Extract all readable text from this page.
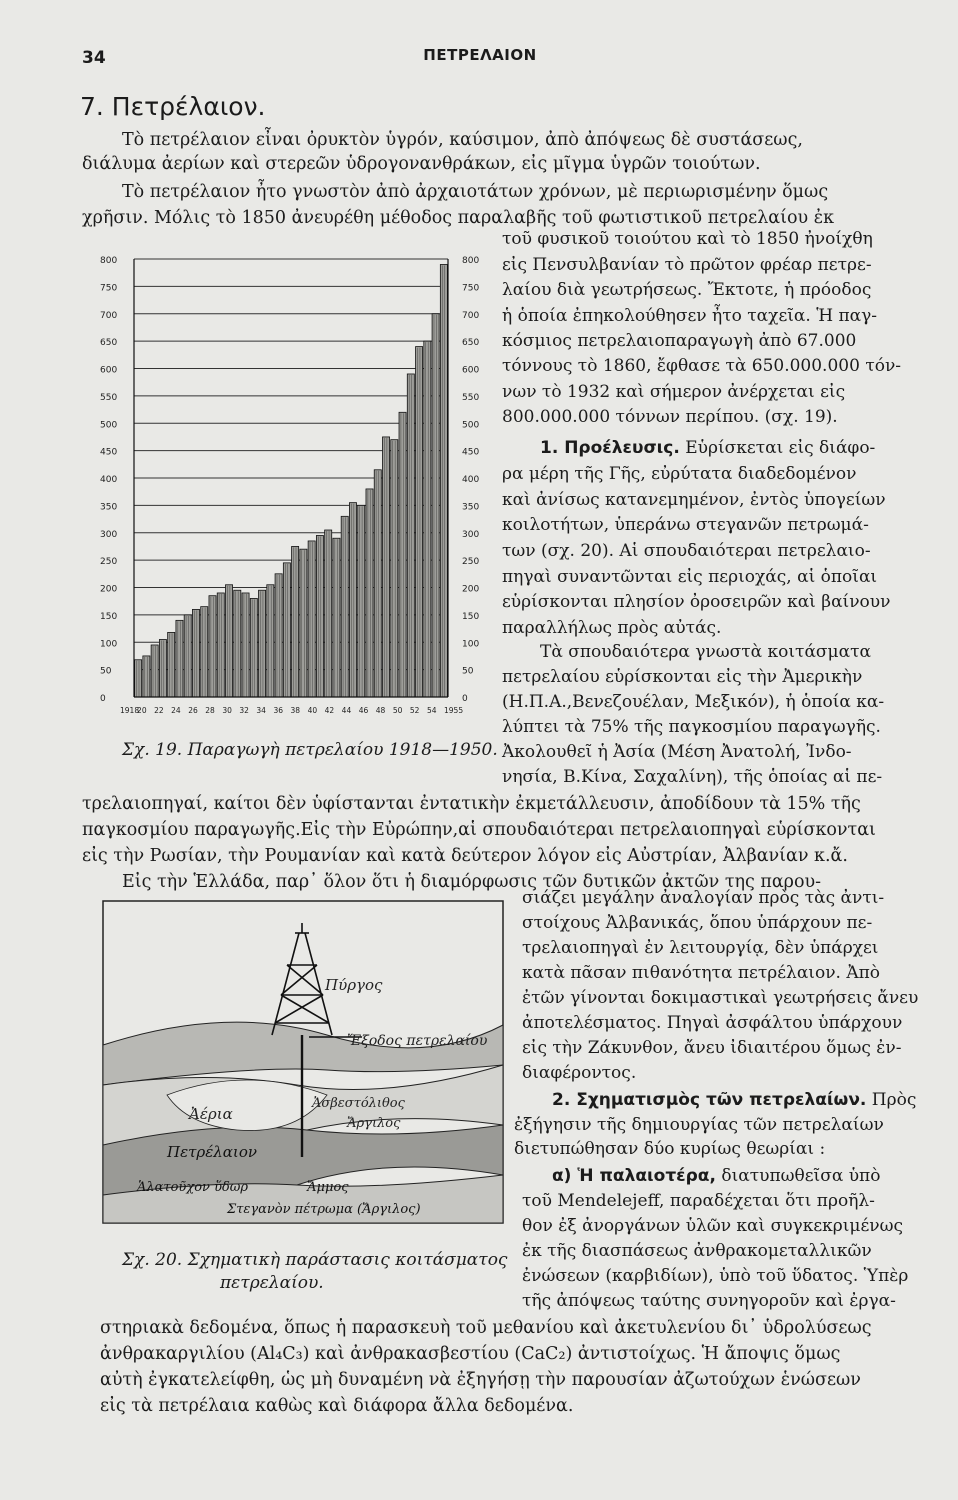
34	ΠΕΤΡΕΛΑΙΟΝ
7. Πετρέλαιον.
Τὸ πετρέλαιον εἶναι ὀρυκτὸν ὑγρόν, καύσιμον, ἀπὸ ἀπόψεως δὲ συστάσεως,
διάλυμα ἀερίων καὶ στερεῶν ὑδρογονανθράκων, εἰς μῖγμα ὑγρῶν τοιούτων.
Τὸ πετρέλαιον ἦτο γνωστὸν ἀπὸ ἀρχαιοτάτων χρόνων, μὲ περιωρισμένην ὅμως
χρῆσιν. Μόλις τὸ 1850 ἀνευρέθη μέθοδος παραλαβῆς τοῦ φωτιστικοῦ πετρελαίου ἐκ
0	0
50	50
100	100
150	150
200	200
250	250
300	300
350	350
400	400
450	450
500	500
550	550
600	600
650	650
700	700
750	750
800	800
1918
20 22 24 26 28 30 32 34 36 38 40 42 44 46 48 50 52 54 1955
Σχ. 19. Παραγωγὴ πετρελαίου 1918—1950.
τοῦ φυσικοῦ τοιούτου καὶ τὸ 1850 ἠνοίχθη
εἰς Πενσυλβανίαν τὸ πρῶτον φρέαρ πετρε-
λαίου διὰ γεωτρήσεως. Ἔκτοτε, ἡ πρόοδος
ἡ ὁποία ἐπηκολούθησεν ἦτο ταχεῖα. Ἡ παγ-
κόσμιος πετρελαιοπαραγωγὴ ἀπὸ 67.000
τόννους τὸ 1860, ἔφθασε τὰ 650.000.000 τόν-
νων τὸ 1932 καὶ σήμερον ἀνέρχεται εἰς
800.000.000 τόννων περίπου. (σχ. 19).
1. Προέλευσις. Εὑρίσκεται εἰς διάφο-
ρα μέρη τῆς Γῆς, εὐρύτατα διαδεδομένον
καὶ ἀνίσως κατανεμημένον, ἐντὸς ὑπογείων
κοιλοτήτων, ὑπεράνω στεγανῶν πετρωμά-
των (σχ. 20). Αἱ σπουδαιότεραι πετρελαιο-
πηγαὶ συναντῶνται εἰς περιοχάς, αἱ ὁποῖαι
εὑρίσκονται πλησίον ὀροσειρῶν καὶ βαίνουν
παραλλήλως πρὸς αὐτάς.
Τὰ σπουδαιότερα γνωστὰ κοιτάσματα
πετρελαίου εὑρίσκονται εἰς τὴν Ἀμερικὴν
(Η.Π.Α.,Βενεζουέλαν, Μεξικόν), ἡ ὁποία κα-
λύπτει τὰ 75% τῆς παγκοσμίου παραγωγῆς.
Ἀκολουθεῖ ἡ Ἀσία (Μέση Ἀνατολή, Ἰνδο-
νησία, Β.Κίνα, Σαχαλίνη), τῆς ὁποίας αἱ πε-
τρελαιοπηγαί, καίτοι δὲν ὑφίστανται ἐντατικὴν ἐκμετάλλευσιν, ἀποδίδουν τὰ 15% τῆς
παγκοσμίου παραγωγῆς.Εἰς τὴν Εὐρώπην,αἱ σπουδαιότεραι πετρελαιοπηγαὶ εὑρίσκονται
εἰς τὴν Ρωσίαν, τὴν Ρουμανίαν καὶ κατὰ δεύτερον λόγον εἰς Αὐστρίαν, Ἀλβανίαν κ.ἄ.
Εἰς τὴν Ἑλλάδα, παρ᾿ ὅλον ὅτι ἡ διαμόρφωσις τῶν δυτικῶν ἀκτῶν της παρου-
Πύργος
Ἔξοδος πετρελαίου
Ἀσβεστόλιθος
Ἄργιλος
Ἀέρια
Πετρέλαιον
Ἁλατοῦχον ὕδωρ	Ἄμμος
Στεγανὸν πέτρωμα (Ἄργιλος)
Σχ. 20. Σχηματικὴ παράστασις κοιτάσματος
πετρελαίου.
σιάζει μεγάλην ἀναλογίαν πρὸς τὰς ἀντι-
στοίχους Ἀλβανικάς, ὅπου ὑπάρχουν πε-
τρελαιοπηγαὶ ἐν λειτουργίᾳ, δὲν ὑπάρχει
κατὰ πᾶσαν πιθανότητα πετρέλαιον. Ἀπὸ
ἐτῶν γίνονται δοκιμαστικαὶ γεωτρήσεις ἄνευ
ἀποτελέσματος. Πηγαὶ ἀσφάλτου ὑπάρχουν
εἰς τὴν Ζάκυνθον, ἄνευ ἰδιαιτέρου ὅμως ἐν-
διαφέροντος.
2. Σχηματισμὸς τῶν πετρελαίων. Πρὸς
ἐξήγησιν τῆς δημιουργίας τῶν πετρελαίων
διετυπώθησαν δύο κυρίως θεωρίαι :
α) Ἡ παλαιοτέρα, διατυπωθεῖσα ὑπὸ
τοῦ Mendelejeff, παραδέχεται ὅτι προῆλ-
θον ἐξ ἀνοργάνων ὑλῶν καὶ συγκεκριμένως
ἐκ τῆς διασπάσεως ἀνθρακομεταλλικῶν
ἐνώσεων (καρβιδίων), ὑπὸ τοῦ ὕδατος. Ὑπὲρ
τῆς ἀπόψεως ταύτης συνηγοροῦν καὶ ἐργα-
στηριακὰ δεδομένα, ὅπως ἡ παρασκευὴ τοῦ μεθανίου καὶ ἀκετυλενίου δι᾿ ὑδρολύσεως
ἀνθρακαργιλίου (Al₄C₃) καὶ ἀνθρακασβεστίου (CaC₂) ἀντιστοίχως. Ἡ ἄποψις ὅμως
αὐτὴ ἐγκατελείφθη, ὡς μὴ δυναμένη νὰ ἐξηγήσῃ τὴν παρουσίαν ἀζωτούχων ἑνώσεων
εἰς τὰ πετρέλαια καθὼς καὶ διάφορα ἄλλα δεδομένα.
